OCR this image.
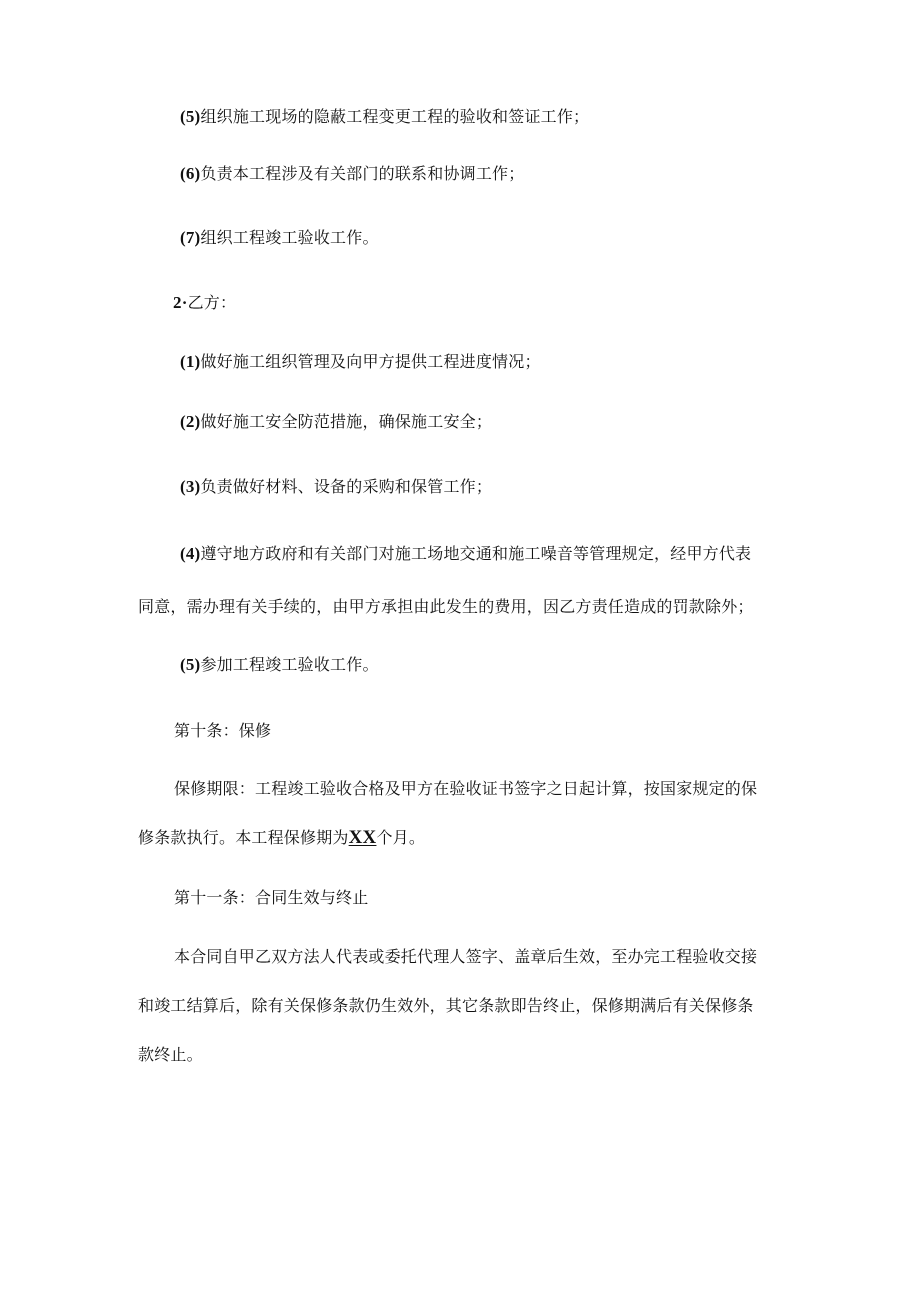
(5)组织施工现场的隐蔽工程变更工程的验收和签证工作；
(6)负责本工程涉及有关部门的联系和协调工作；
(7)组织工程竣工验收工作。
2·乙方：
(1)做好施工组织管理及向甲方提供工程进度情况；
(2)做好施工安全防范措施，确保施工安全；
(3)负责做好材料、设备的采购和保管工作；
(4)遵守地方政府和有关部门对施工场地交通和施工噪音等管理规定，经甲方代表
同意，需办理有关手续的，由甲方承担由此发生的费用，因乙方责任造成的罚款除外；
(5)参加工程竣工验收工作。
第十条：保修
保修期限：工程竣工验收合格及甲方在验收证书签字之日起计算，按国家规定的保
修条款执行。本工程保修期为XX个月。
第十一条：合同生效与终止
本合同自甲乙双方法人代表或委托代理人签字、盖章后生效，至办完工程验收交接
和竣工结算后，除有关保修条款仍生效外，其它条款即告终止，保修期满后有关保修条
款终止。
